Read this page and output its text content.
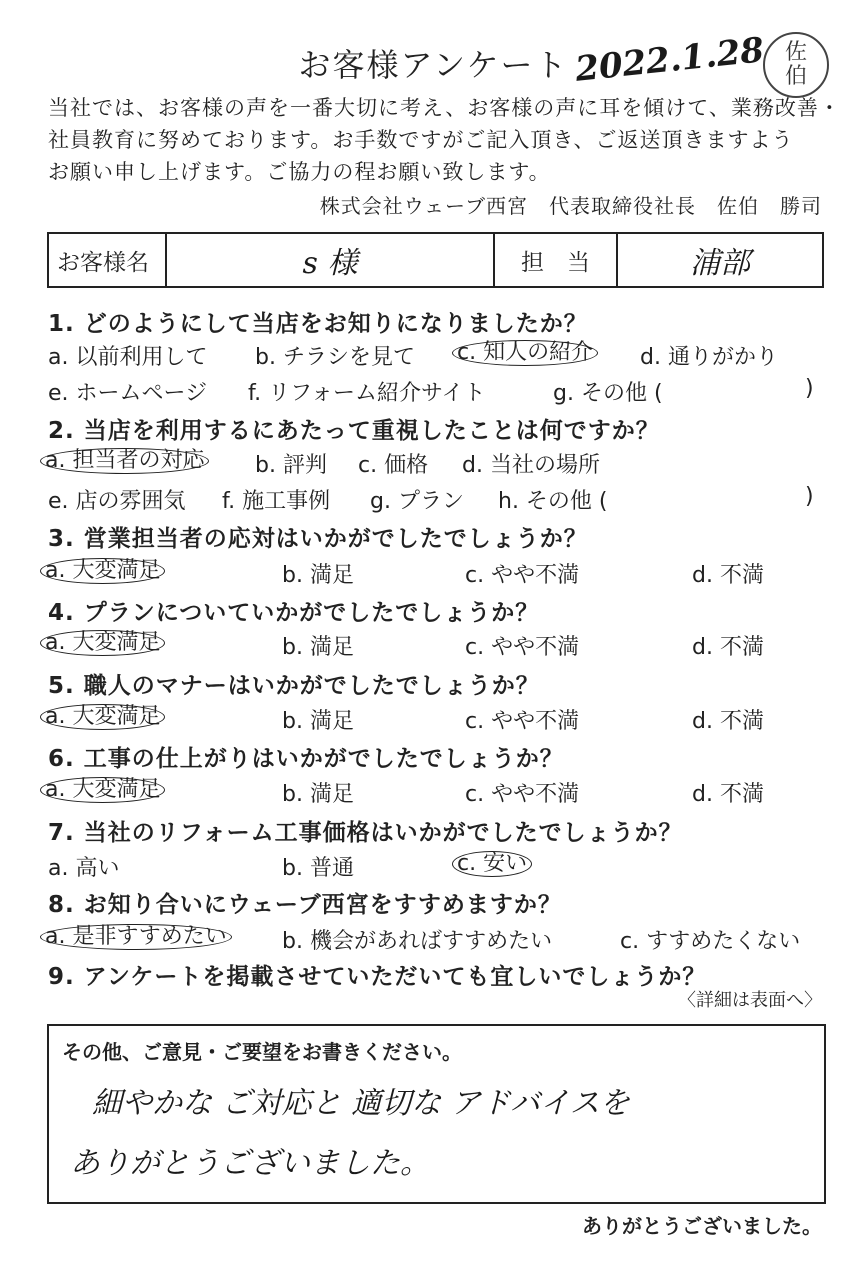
お客様アンケート 2022.1.28 佐
伯
当社では、お客様の声を一番大切に考え、お客様の声に耳を傾けて、業務改善・
社員教育に努めております。お手数ですがご記入頂き、ご返送頂きますよう
お願い申し上げます。ご協力の程お願い致します。
株式会社ウェーブ西宮　代表取締役社長　佐伯　勝司
お客様名	s 様	担　当	浦部
1. どのようにして当店をお知りになりましたか？
a. 以前利用して b. チラシを見て c. 知人の紹介 d. 通りがかり
e. ホームページ f. リフォーム紹介サイト	g. その他 (	)
2. 当店を利用するにあたって重視したことは何ですか？
a. 担当者の対応 b. 評判 c. 価格 d. 当社の場所
e. 店の雰囲気 f. 施工事例 g. プラン h. その他 (	)
3. 営業担当者の応対はいかがでしたでしょうか？
a. 大変満足	b. 満足	c. やや不満	d. 不満
4. プランについていかがでしたでしょうか？
a. 大変満足	b. 満足	c. やや不満	d. 不満
5. 職人のマナーはいかがでしたでしょうか？
a. 大変満足	b. 満足	c. やや不満	d. 不満
6. 工事の仕上がりはいかがでしたでしょうか？
a. 大変満足	b. 満足	c. やや不満	d. 不満
7. 当社のリフォーム工事価格はいかがでしたでしょうか？
a. 高い	b. 普通	c. 安い
8. お知り合いにウェーブ西宮をすすめますか？
a. 是非すすめたい	b. 機会があればすすめたい	c. すすめたくない
9. アンケートを掲載させていただいても宜しいでしょうか？
〈詳細は表面へ〉
その他、ご意見・ご要望をお書きください。
細やかな ご対応と 適切な アドバイスを
ありがとうございました。
ありがとうございました。
